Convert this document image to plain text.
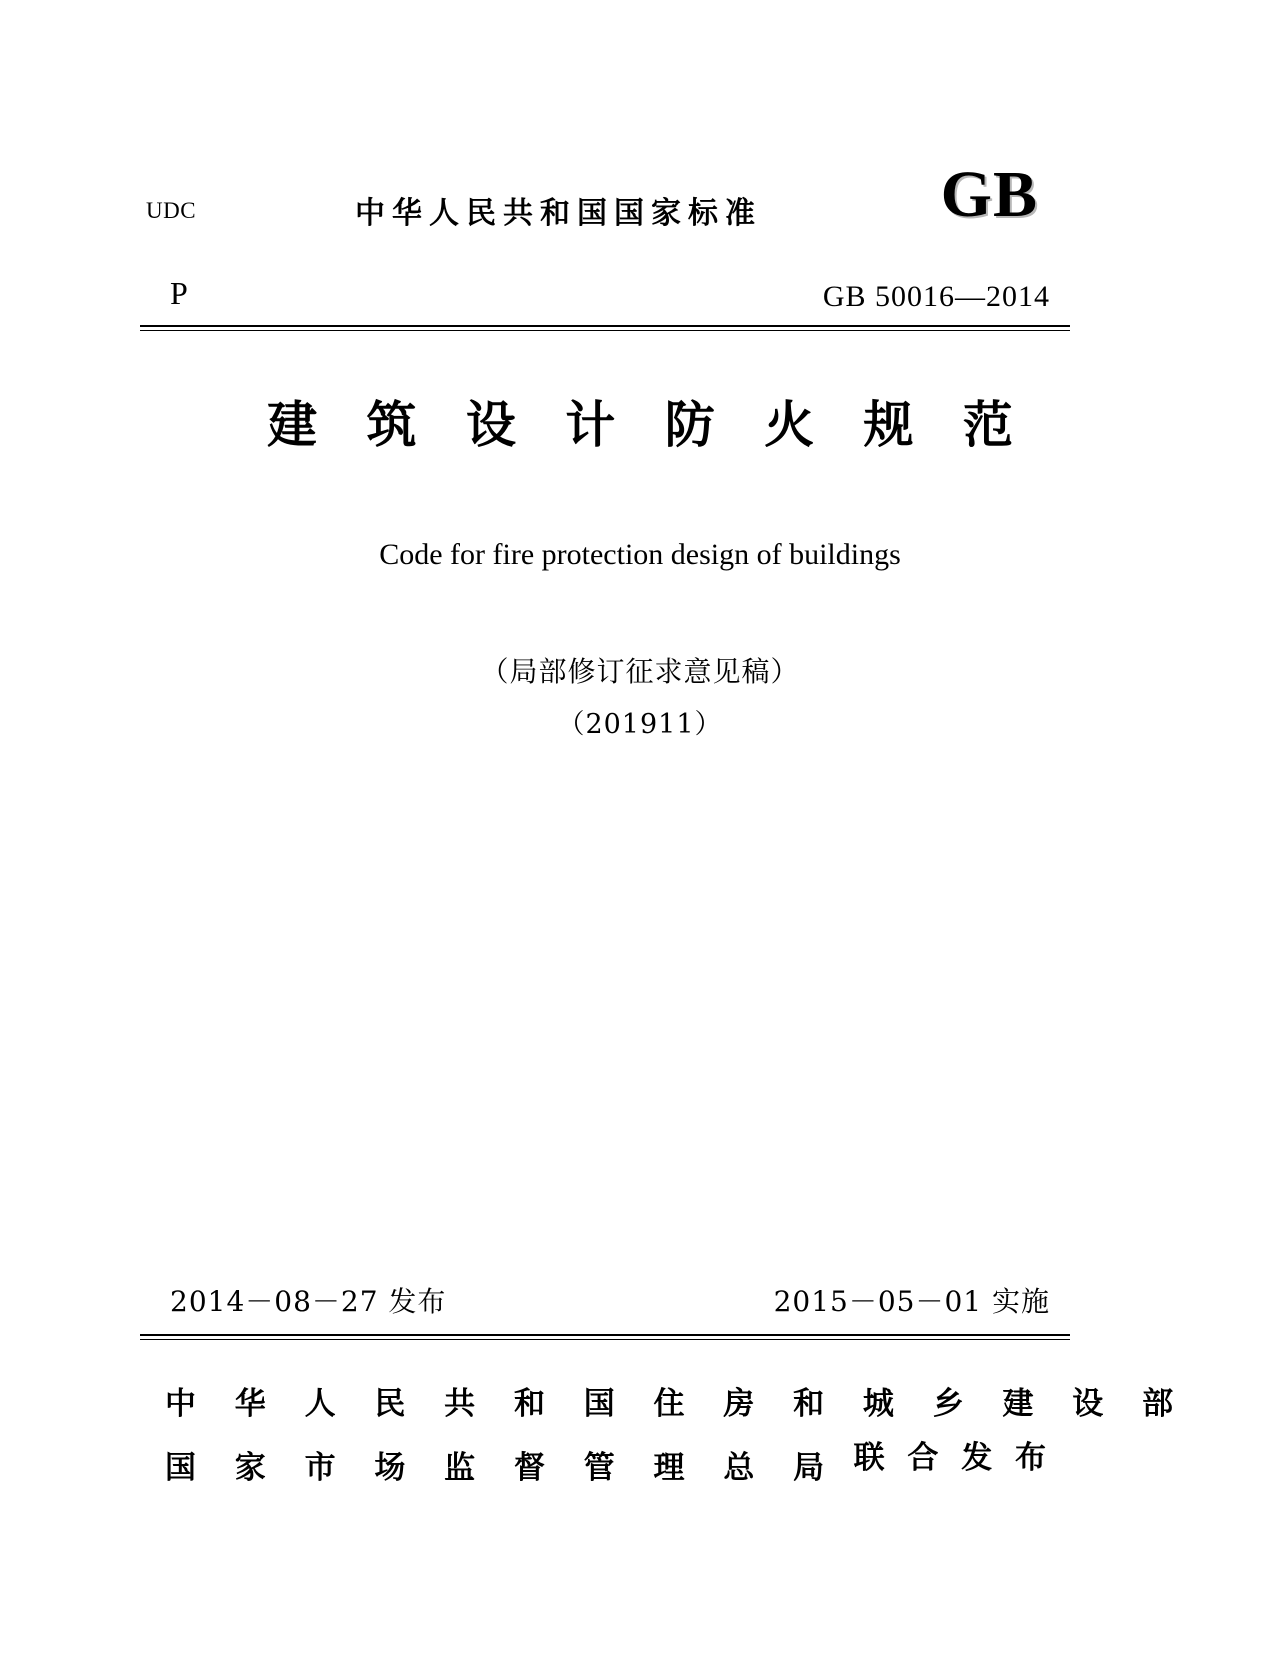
UDC	中华人民共和国国家标准	GB
P	GB 50016—2014
建 筑 设 计 防 火 规 范
Code for fire protection design of buildings
（局部修订征求意见稿）
（201911）
2014－08－27 发布	2015－05－01 实施
中 华 人 民 共 和 国 住 房 和 城 乡 建 设 部
国 家 市 场 监 督 管 理 总 局 联 合 发 布
